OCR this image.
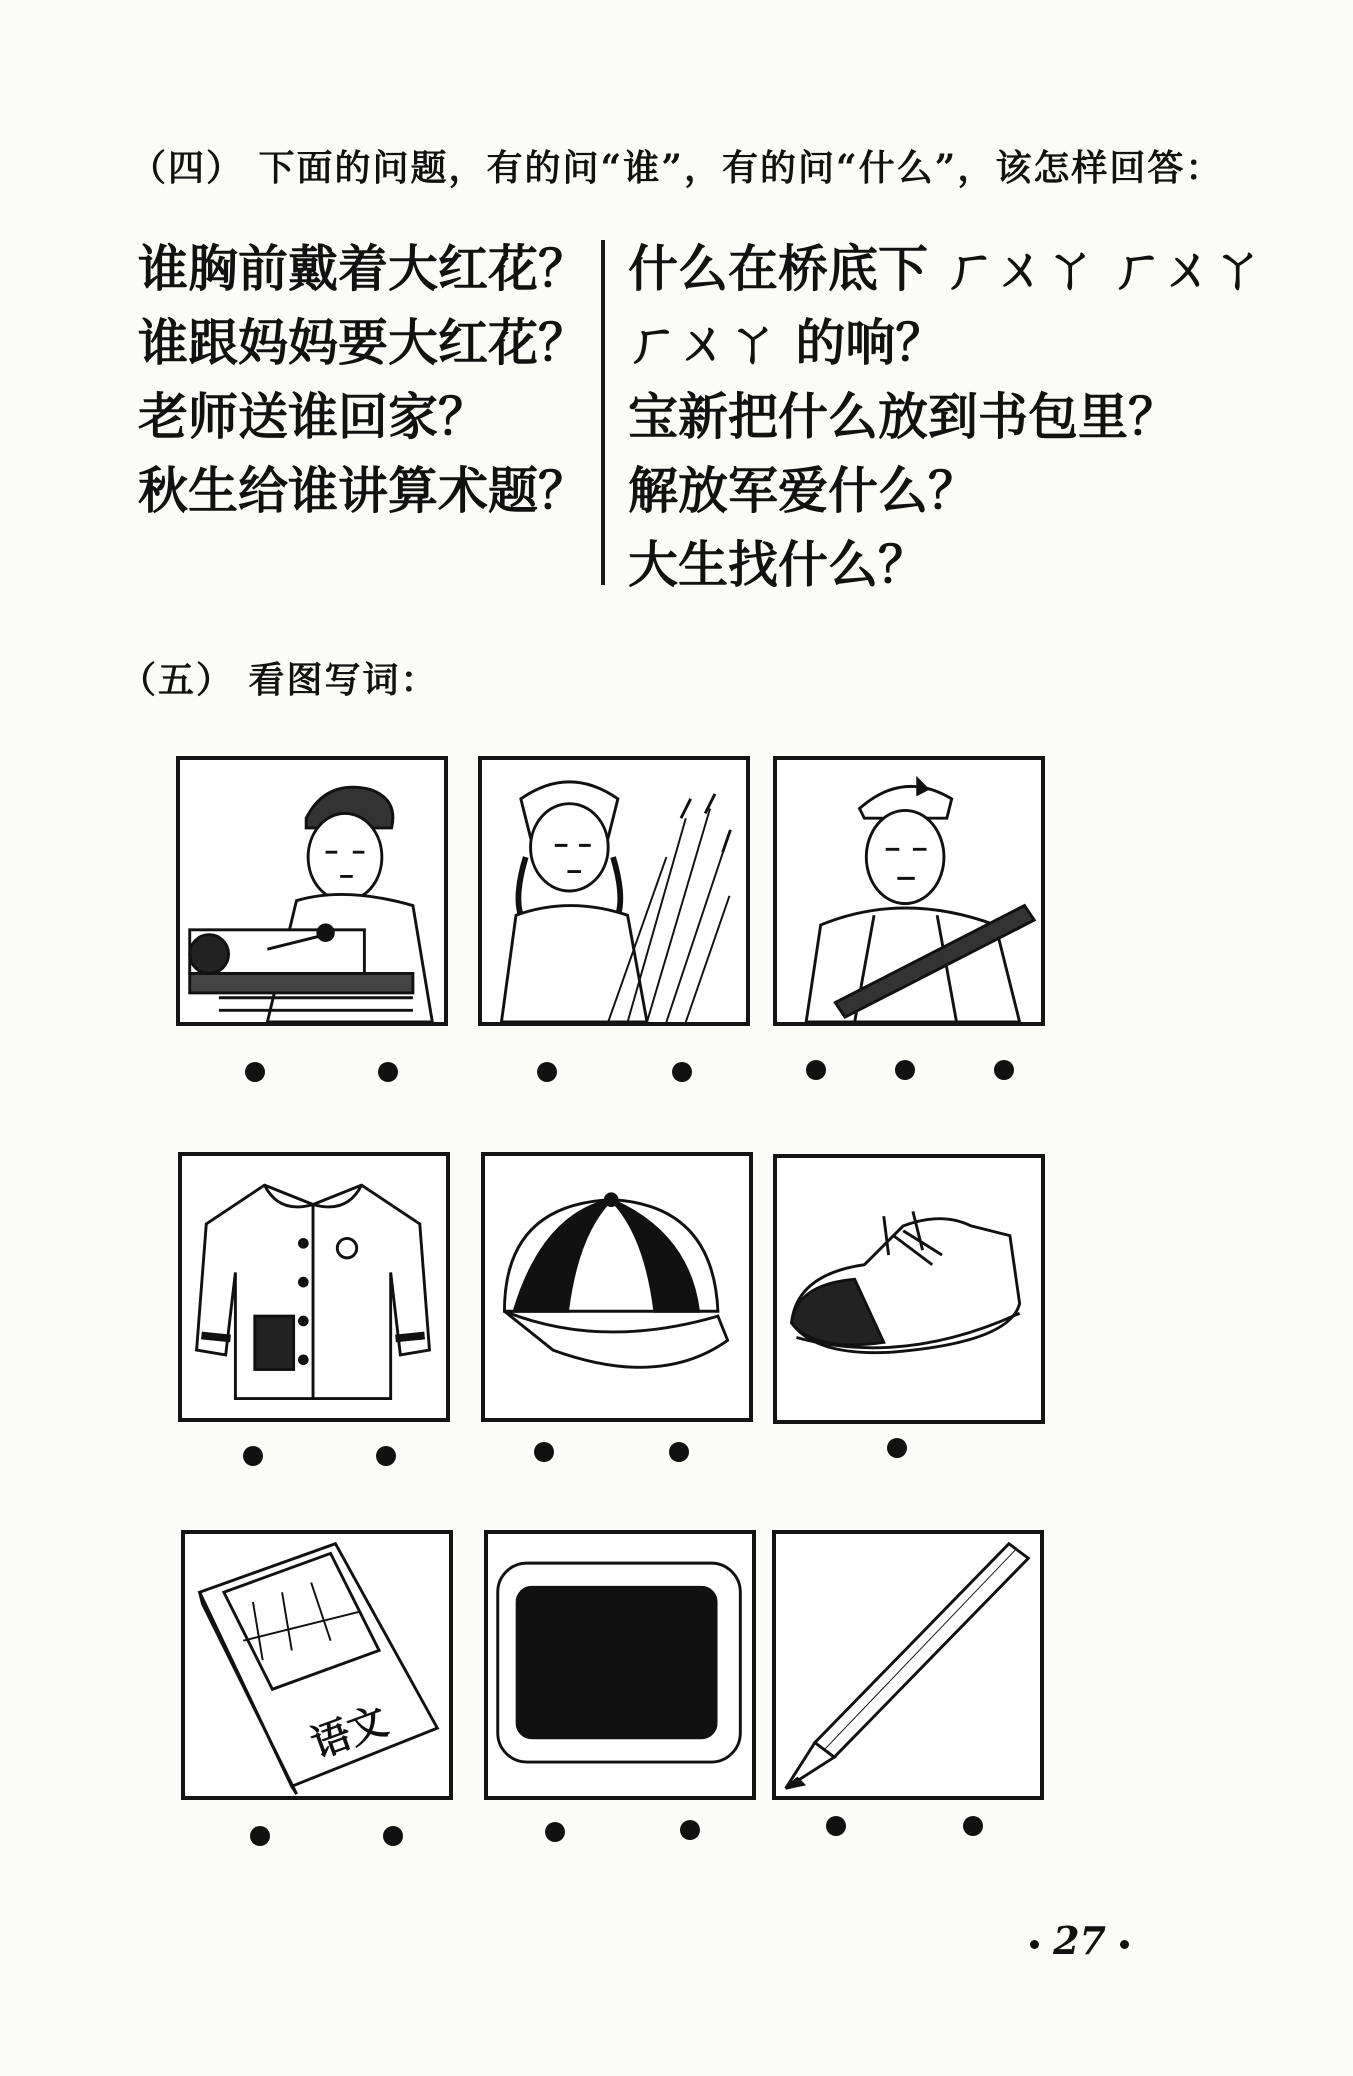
（四） 下面的问题，有的问“谁”，有的问“什么”，该怎样回答：
谁胸前戴着大红花？
谁跟妈妈要大红花？
老师送谁回家？
秋生给谁讲算术题？
什么在桥底下 ㄏㄨㄚ ㄏㄨㄚ
ㄏㄨㄚ 的响？
宝新把什么放到书包里？
解放军爱什么？
大生找什么？
（五） 看图写词：
语文
27
